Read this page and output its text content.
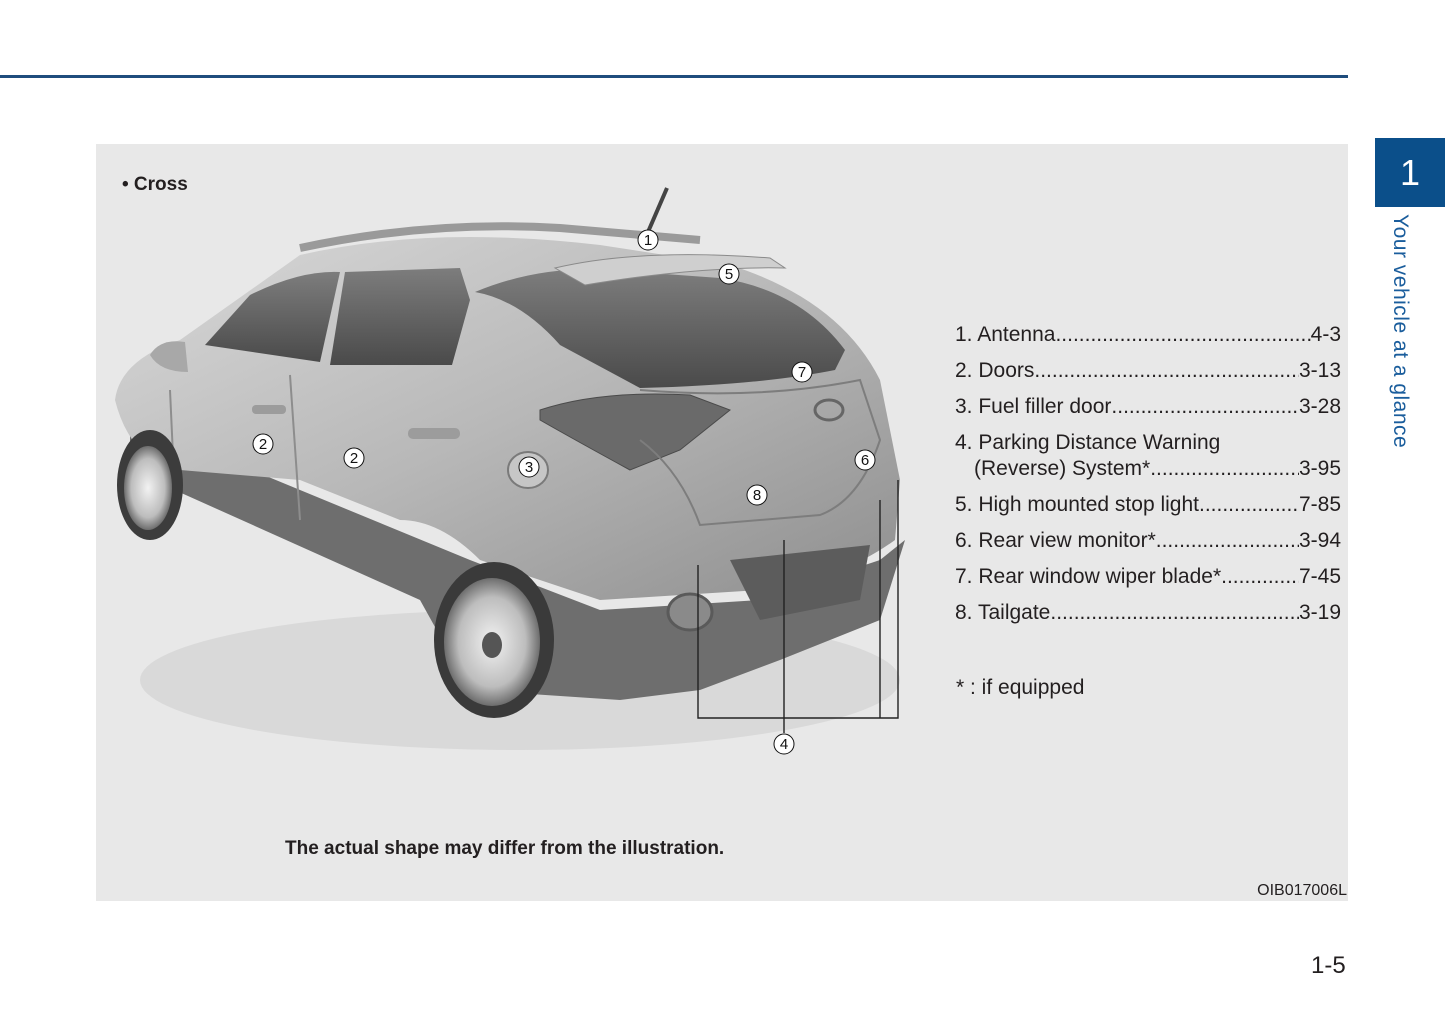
1
Your vehicle at a glance
1
2
2
3
4
5
6
7
8
• Cross
1. Antenna .....	4-3
2. Doors .....	3-13
3. Fuel filler door .....	3-28
4. Parking Distance Warning
(Reverse) System* .....	3-95
5. High mounted stop light .....	7-85
6. Rear view monitor* .....	3-94
7. Rear window wiper blade* .....	7-45
8. Tailgate .....	3-19
* : if equipped
The actual shape may differ from the illustration.
OIB017006L
1-5
